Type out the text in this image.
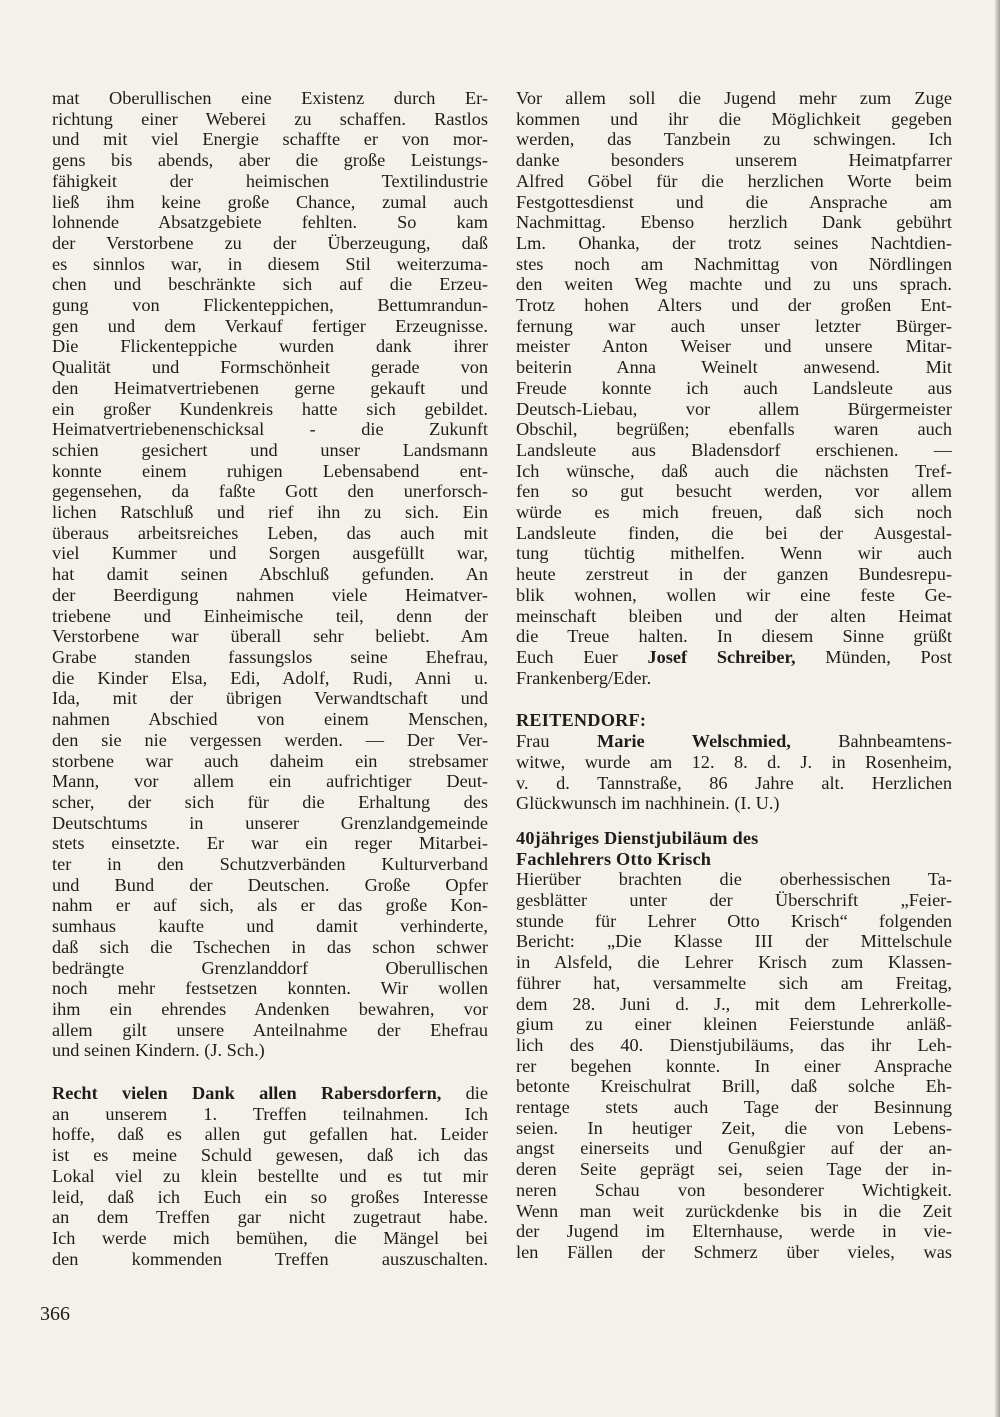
mat Oberullischen eine Existenz durch Er-
richtung einer Weberei zu schaffen. Rastlos
und mit viel Energie schaffte er von mor-
gens bis abends, aber die große Leistungs-
fähigkeit der heimischen Textilindustrie
ließ ihm keine große Chance, zumal auch
lohnende Absatzgebiete fehlten. So kam
der Verstorbene zu der Überzeugung, daß
es sinnlos war, in diesem Stil weiterzuma-
chen und beschränkte sich auf die Erzeu-
gung von Flickenteppichen, Bettumrandun-
gen und dem Verkauf fertiger Erzeugnisse.
Die Flickenteppiche wurden dank ihrer
Qualität und Formschönheit gerade von
den Heimatvertriebenen gerne gekauft und
ein großer Kundenkreis hatte sich gebildet.
Heimatvertriebenenschicksal - die Zukunft
schien gesichert und unser Landsmann
konnte einem ruhigen Lebensabend ent-
gegensehen, da faßte Gott den unerforsch-
lichen Ratschluß und rief ihn zu sich. Ein
überaus arbeitsreiches Leben, das auch mit
viel Kummer und Sorgen ausgefüllt war,
hat damit seinen Abschluß gefunden. An
der Beerdigung nahmen viele Heimatver-
triebene und Einheimische teil, denn der
Verstorbene war überall sehr beliebt. Am
Grabe standen fassungslos seine Ehefrau,
die Kinder Elsa, Edi, Adolf, Rudi, Anni u.
Ida, mit der übrigen Verwandtschaft und
nahmen Abschied von einem Menschen,
den sie nie vergessen werden. — Der Ver-
storbene war auch daheim ein strebsamer
Mann, vor allem ein aufrichtiger Deut-
scher, der sich für die Erhaltung des
Deutschtums in unserer Grenzlandgemeinde
stets einsetzte. Er war ein reger Mitarbei-
ter in den Schutzverbänden Kulturverband
und Bund der Deutschen. Große Opfer
nahm er auf sich, als er das große Kon-
sumhaus kaufte und damit verhinderte,
daß sich die Tschechen in das schon schwer
bedrängte Grenzlanddorf Oberullischen
noch mehr festsetzen konnten. Wir wollen
ihm ein ehrendes Andenken bewahren, vor
allem gilt unsere Anteilnahme der Ehefrau
und seinen Kindern. (J. Sch.)
Recht vielen Dank allen Rabersdorfern, die
an unserem 1. Treffen teilnahmen. Ich
hoffe, daß es allen gut gefallen hat. Leider
ist es meine Schuld gewesen, daß ich das
Lokal viel zu klein bestellte und es tut mir
leid, daß ich Euch ein so großes Interesse
an dem Treffen gar nicht zugetraut habe.
Ich werde mich bemühen, die Mängel bei
den kommenden Treffen auszuschalten.
Vor allem soll die Jugend mehr zum Zuge
kommen und ihr die Möglichkeit gegeben
werden, das Tanzbein zu schwingen. Ich
danke besonders unserem Heimatpfarrer
Alfred Göbel für die herzlichen Worte beim
Festgottesdienst und die Ansprache am
Nachmittag. Ebenso herzlich Dank gebührt
Lm. Ohanka, der trotz seines Nachtdien-
stes noch am Nachmittag von Nördlingen
den weiten Weg machte und zu uns sprach.
Trotz hohen Alters und der großen Ent-
fernung war auch unser letzter Bürger-
meister Anton Weiser und unsere Mitar-
beiterin Anna Weinelt anwesend. Mit
Freude konnte ich auch Landsleute aus
Deutsch-Liebau, vor allem Bürgermeister
Obschil, begrüßen; ebenfalls waren auch
Landsleute aus Bladensdorf erschienen. —
Ich wünsche, daß auch die nächsten Tref-
fen so gut besucht werden, vor allem
würde es mich freuen, daß sich noch
Landsleute finden, die bei der Ausgestal-
tung tüchtig mithelfen. Wenn wir auch
heute zerstreut in der ganzen Bundesrepu-
blik wohnen, wollen wir eine feste Ge-
meinschaft bleiben und der alten Heimat
die Treue halten. In diesem Sinne grüßt
Euch Euer Josef Schreiber, Münden, Post
Frankenberg/Eder.
REITENDORF:
Frau Marie Welschmied, Bahnbeamtens-
witwe, wurde am 12. 8. d. J. in Rosenheim,
v. d. Tannstraße, 86 Jahre alt. Herzlichen
Glückwunsch im nachhinein. (I. U.)
40jähriges Dienstjubiläum des
Fachlehrers Otto Krisch
Hierüber brachten die oberhessischen Ta-
gesblätter unter der Überschrift „Feier-
stunde für Lehrer Otto Krisch“ folgenden
Bericht: „Die Klasse III der Mittelschule
in Alsfeld, die Lehrer Krisch zum Klassen-
führer hat, versammelte sich am Freitag,
dem 28. Juni d. J., mit dem Lehrerkolle-
gium zu einer kleinen Feierstunde anläß-
lich des 40. Dienstjubiläums, das ihr Leh-
rer begehen konnte. In einer Ansprache
betonte Kreischulrat Brill, daß solche Eh-
rentage stets auch Tage der Besinnung
seien. In heutiger Zeit, die von Lebens-
angst einerseits und Genußgier auf der an-
deren Seite geprägt sei, seien Tage der in-
neren Schau von besonderer Wichtigkeit.
Wenn man weit zurückdenke bis in die Zeit
der Jugend im Elternhause, werde in vie-
len Fällen der Schmerz über vieles, was
366
